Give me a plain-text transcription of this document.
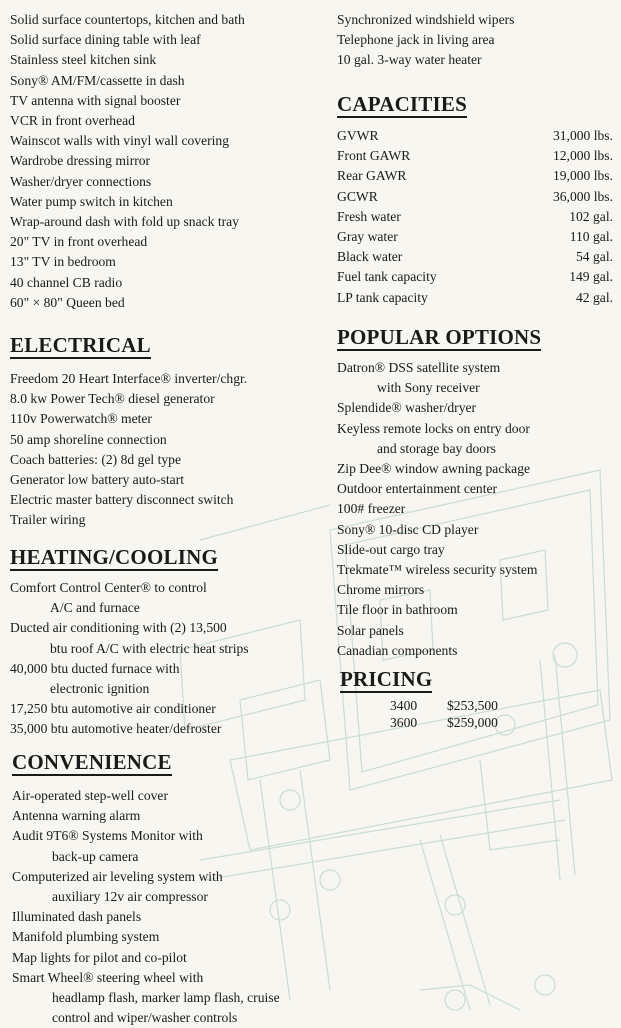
Solid surface countertops, kitchen and bath

Solid surface dining table with leaf

Stainless steel kitchen sink

Sony® AM/FM/cassette in dash

TV antenna with signal booster

VCR in front overhead

Wainscot walls with vinyl wall covering

Wardrobe dressing mirror

Washer/dryer connections

Water pump switch in kitchen

Wrap-around dash with fold up snack tray

20" TV in front overhead

13" TV in bedroom

40 channel CB radio

60" × 80" Queen bed

ELECTRICAL

Freedom 20 Heart Interface® inverter/chgr.

8.0 kw Power Tech® diesel generator

110v Powerwatch® meter

50 amp shoreline connection

Coach batteries: (2) 8d gel type

Generator low battery auto-start

Electric master battery disconnect switch

Trailer wiring

HEATING/COOLING

Comfort Control Center® to control
A/C and furnace

Ducted air conditioning with (2) 13,500
btu roof A/C with electric heat strips

40,000 btu ducted furnace with
electronic ignition

17,250 btu automotive air conditioner

35,000 btu automotive heater/defroster

CONVENIENCE

Air-operated step-well cover

Antenna warning alarm

Audit 9T6® Systems Monitor with
back-up camera

Computerized air leveling system with
auxiliary 12v air compressor

Illuminated dash panels

Manifold plumbing system

Map lights for pilot and co-pilot

Smart Wheel® steering wheel with
headlamp flash, marker lamp flash, cruise
control and wiper/washer controls

Synchronized windshield wipers

Telephone jack in living area

10 gal. 3-way water heater

CAPACITIES
GVWR	31,000 lbs.
Front GAWR	12,000 lbs.
Rear GAWR	19,000 lbs.
GCWR	36,000 lbs.
Fresh water	102 gal.
Gray water	110 gal.
Black water	54 gal.
Fuel tank capacity	149 gal.
LP tank capacity	42 gal.
POPULAR OPTIONS

Datron® DSS satellite system
with Sony receiver

Splendide® washer/dryer

Keyless remote locks on entry door
and storage bay doors

Zip Dee® window awning package

Outdoor entertainment center

100# freezer

Sony® 10-disc CD player

Slide-out cargo tray

Trekmate™ wireless security system

Chrome mirrors

Tile floor in bathroom

Solar panels

Canadian components

PRICING
3400	$253,500
3600	$259,000
